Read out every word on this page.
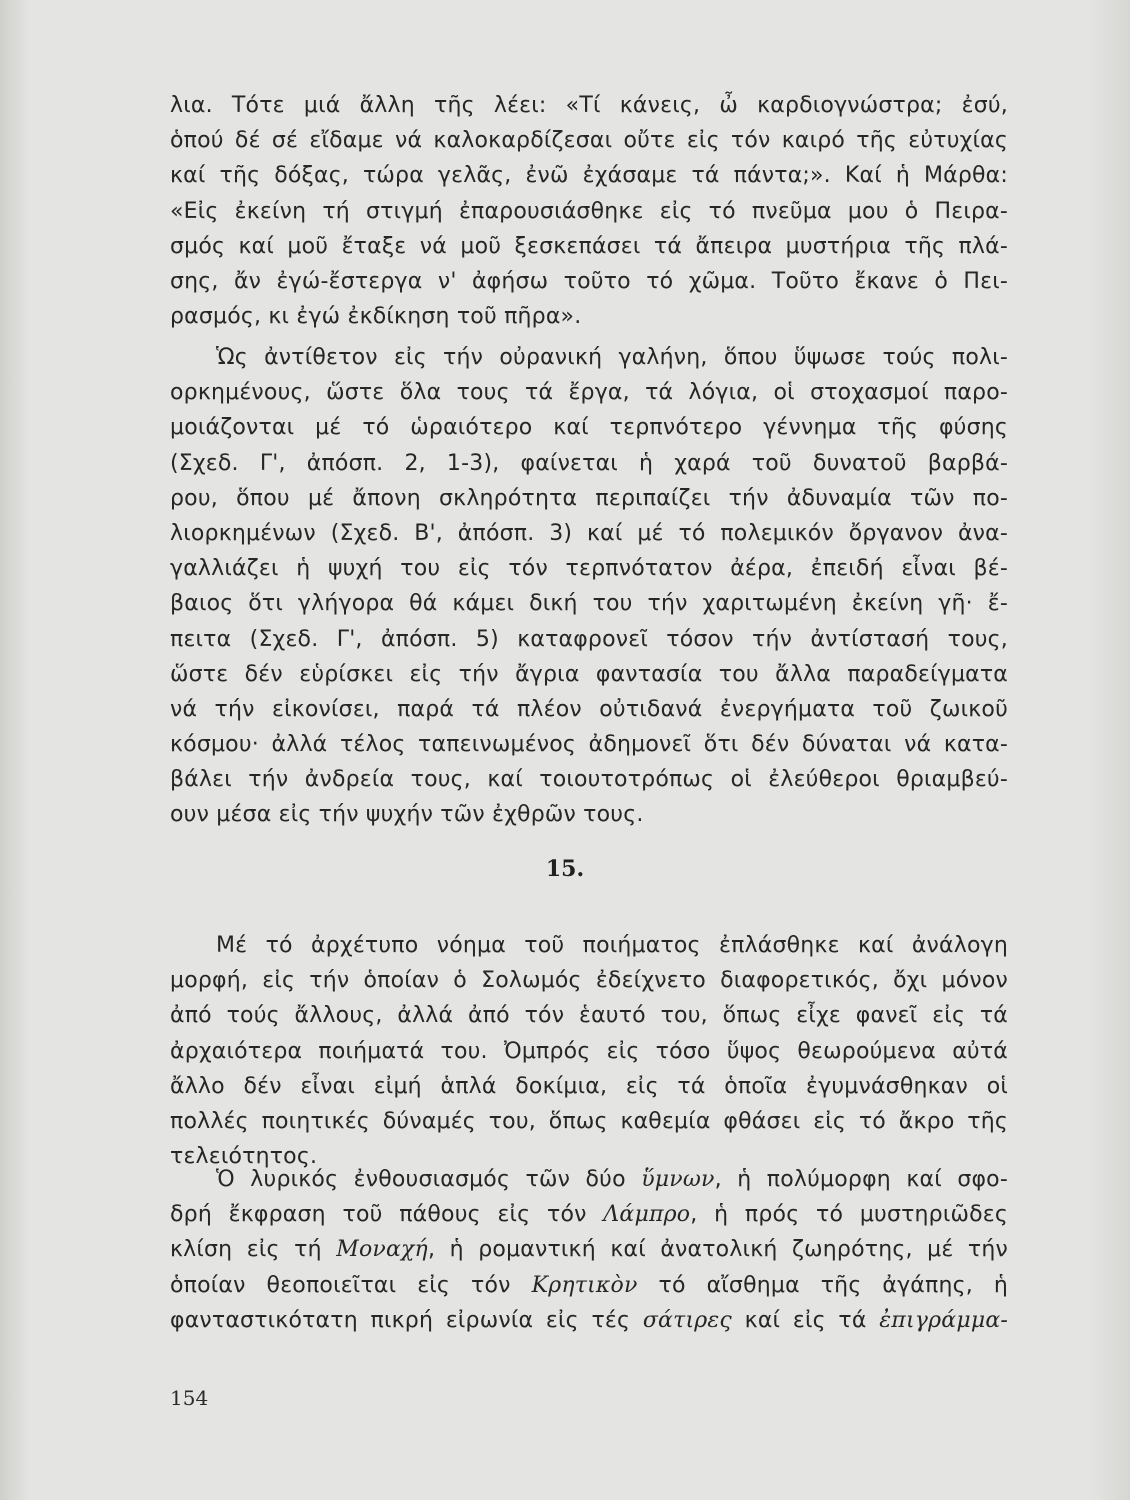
λια. Τότε μιά ἄλλη τῆς λέει: «Τί κάνεις, ὦ καρδιογνώστρα; ἐσύ,
ὁπού δέ σέ εἴδαμε νά καλοκαρδίζεσαι οὔτε εἰς τόν καιρό τῆς εὐτυχίας
καί τῆς δόξας, τώρα γελᾶς, ἐνῶ ἐχάσαμε τά πάντα;». Καί ἡ Μάρθα:
«Εἰς ἐκείνη τή στιγμή ἐπαρουσιάσθηκε εἰς τό πνεῦμα μου ὁ Πειρα-
σμός καί μοῦ ἔταξε νά μοῦ ξεσκεπάσει τά ἄπειρα μυστήρια τῆς πλά-
σης, ἄν ἐγώ-ἔστεργα ν' ἀφήσω τοῦτο τό χῶμα. Τοῦτο ἔκανε ὁ Πει-
ρασμός, κι ἐγώ ἐκδίκηση τοῦ πῆρα».
Ὡς ἀντίθετον εἰς τήν οὐρανική γαλήνη, ὅπου ὕψωσε τούς πολι-
ορκημένους, ὥστε ὅλα τους τά ἔργα, τά λόγια, οἱ στοχασμοί παρο-
μοιάζονται μέ τό ὡραιότερο καί τερπνότερο γέννημα τῆς φύσης
(Σχεδ. Γ', ἀπόσπ. 2, 1-3), φαίνεται ἡ χαρά τοῦ δυνατοῦ βαρβά-
ρου, ὅπου μέ ἄπονη σκληρότητα περιπαίζει τήν ἀδυναμία τῶν πο-
λιορκημένων (Σχεδ. Β', ἀπόσπ. 3) καί μέ τό πολεμικόν ὄργανον ἀνα-
γαλλιάζει ἡ ψυχή του εἰς τόν τερπνότατον ἀέρα, ἐπειδή εἶναι βέ-
βαιος ὅτι γλήγορα θά κάμει δική του τήν χαριτωμένη ἐκείνη γῆ· ἔ-
πειτα (Σχεδ. Γ', ἀπόσπ. 5) καταφρονεῖ τόσον τήν ἀντίστασή τους,
ὥστε δέν εὑρίσκει εἰς τήν ἄγρια φαντασία του ἄλλα παραδείγματα
νά τήν εἰκονίσει, παρά τά πλέον οὐτιδανά ἐνεργήματα τοῦ ζωικοῦ
κόσμου· ἀλλά τέλος ταπεινωμένος ἀδημονεῖ ὅτι δέν δύναται νά κατα-
βάλει τήν ἀνδρεία τους, καί τοιουτοτρόπως οἱ ἐλεύθεροι θριαμβεύ-
ουν μέσα εἰς τήν ψυχήν τῶν ἐχθρῶν τους.
15.
Μέ τό ἀρχέτυπο νόημα τοῦ ποιήματος ἐπλάσθηκε καί ἀνάλογη
μορφή, εἰς τήν ὁποίαν ὁ Σολωμός ἐδείχνετο διαφορετικός, ὄχι μόνον
ἀπό τούς ἄλλους, ἀλλά ἀπό τόν ἑαυτό του, ὅπως εἶχε φανεῖ εἰς τά
ἀρχαιότερα ποιήματά του. Ὀμπρός εἰς τόσο ὕψος θεωρούμενα αὐτά
ἄλλο δέν εἶναι εἰμή ἁπλά δοκίμια, εἰς τά ὁποῖα ἐγυμνάσθηκαν οἱ
πολλές ποιητικές δύναμές του, ὅπως καθεμία φθάσει εἰς τό ἄκρο τῆς
τελειότητος.
Ὁ λυρικός ἐνθουσιασμός τῶν δύο ὕμνων, ἡ πολύμορφη καί σφο-
δρή ἔκφραση τοῦ πάθους εἰς τόν Λάμπρο, ἡ πρός τό μυστηριῶδες
κλίση εἰς τή Μοναχή, ἡ ρομαντική καί ἀνατολική ζωηρότης, μέ τήν
ὁποίαν θεοποιεῖται εἰς τόν Κρητικὸν τό αἴσθημα τῆς ἀγάπης, ἡ
φανταστικότατη πικρή εἰρωνία εἰς τές σάτιρες καί εἰς τά ἐπιγράμμα-
154
